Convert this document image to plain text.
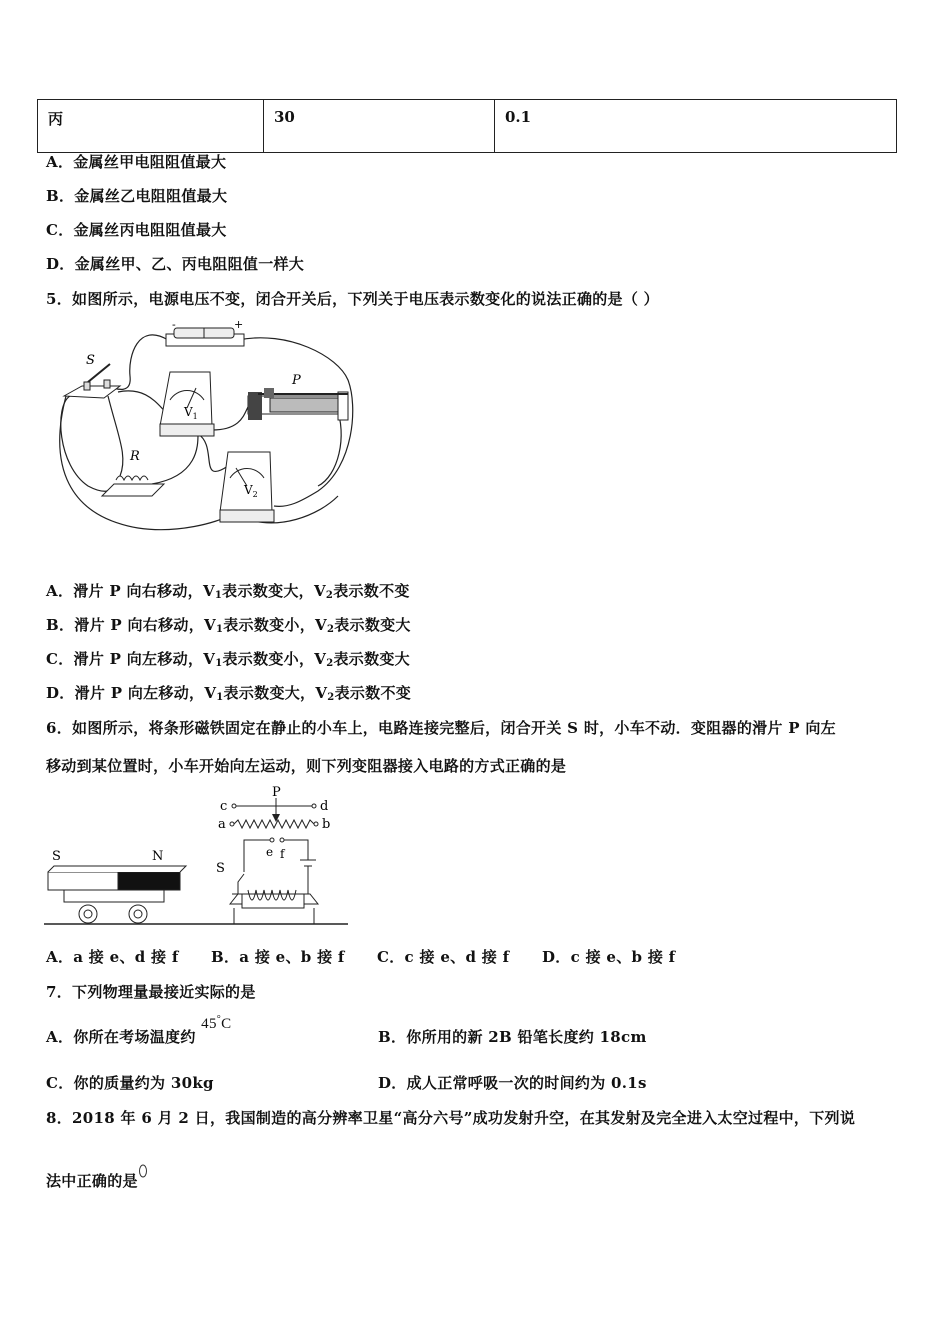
丙	30	0.1
A．金属丝甲电阻阻值最大
B．金属丝乙电阻阻值最大
C．金属丝丙电阻阻值最大
D．金属丝甲、乙、丙电阻阻值一样大
5．如图所示，电源电压不变，闭合开关后，下列关于电压表示数变化的说法正确的是（ ）
-	+
S
$V_1$
P
R
$V_2$
A．滑片 P 向右移动，$V_1$表示数变大，$V_2$表示数不变
B．滑片 P 向右移动，$V_1$表示数变小，$V_2$表示数变大
C．滑片 P 向左移动，$V_1$表示数变小，$V_2$表示数变大
D．滑片 P 向左移动，$V_1$表示数变大，$V_2$表示数不变
6．如图所示，将条形磁铁固定在静止的小车上，电路连接完整后，闭合开关 S 时，小车不动．变阻器的滑片 P 向左
移动到某位置时，小车开始向左运动，则下列变阻器接入电路的方式正确的是
S	N
c
a
P
d
b
e f
S
A．a 接 e、d 接 f B．a 接 e、b 接 f C．c 接 e、d 接 f D．c 接 e、b 接 f
7．下列物理量最接近实际的是
A．你所在考场温度约 45°C
B．你所用的新 2B 铅笔长度约 18cm
C．你的质量约为 30kg	D．成人正常呼吸一次的时间约为 0.1s
8．2018 年 6 月 2 日，我国制造的高分辨率卫星“高分六号”成功发射升空，在其发射及完全进入太空过程中，下列说
法中正确的是
